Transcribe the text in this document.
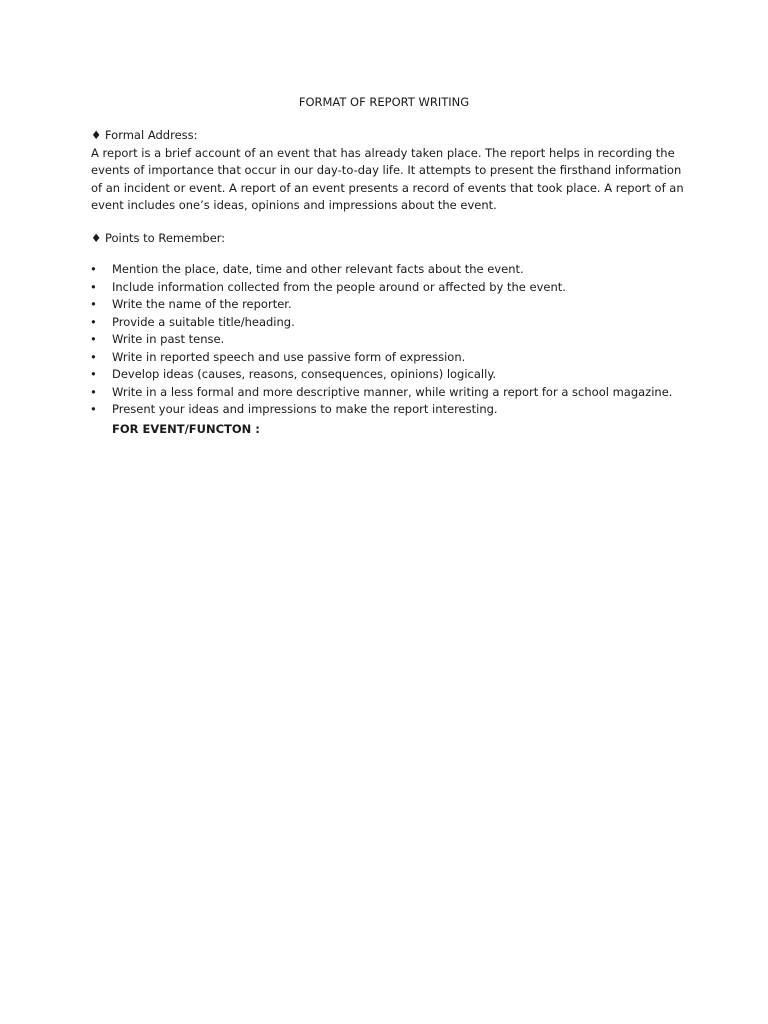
FORMAT OF REPORT WRITING

♦ Formal Address:

A report is a brief account of an event that has already taken place. The report helps in recording the
events of importance that occur in our day-to-day life. It attempts to present the firsthand information
of an incident or event. A report of an event presents a record of events that took place. A report of an
event includes one’s ideas, opinions and impressions about the event.

♦ Points to Remember:

• Mention the place, date, time and other relevant facts about the event.
• Include information collected from the people around or affected by the event.
• Write the name of the reporter.
• Provide a suitable title/heading.
• Write in past tense.
• Write in reported speech and use passive form of expression.
• Develop ideas (causes, reasons, consequences, opinions) logically.
• Write in a less formal and more descriptive manner, while writing a report for a school magazine.
• Present your ideas and impressions to make the report interesting.

FOR EVENT/FUNCTON :
